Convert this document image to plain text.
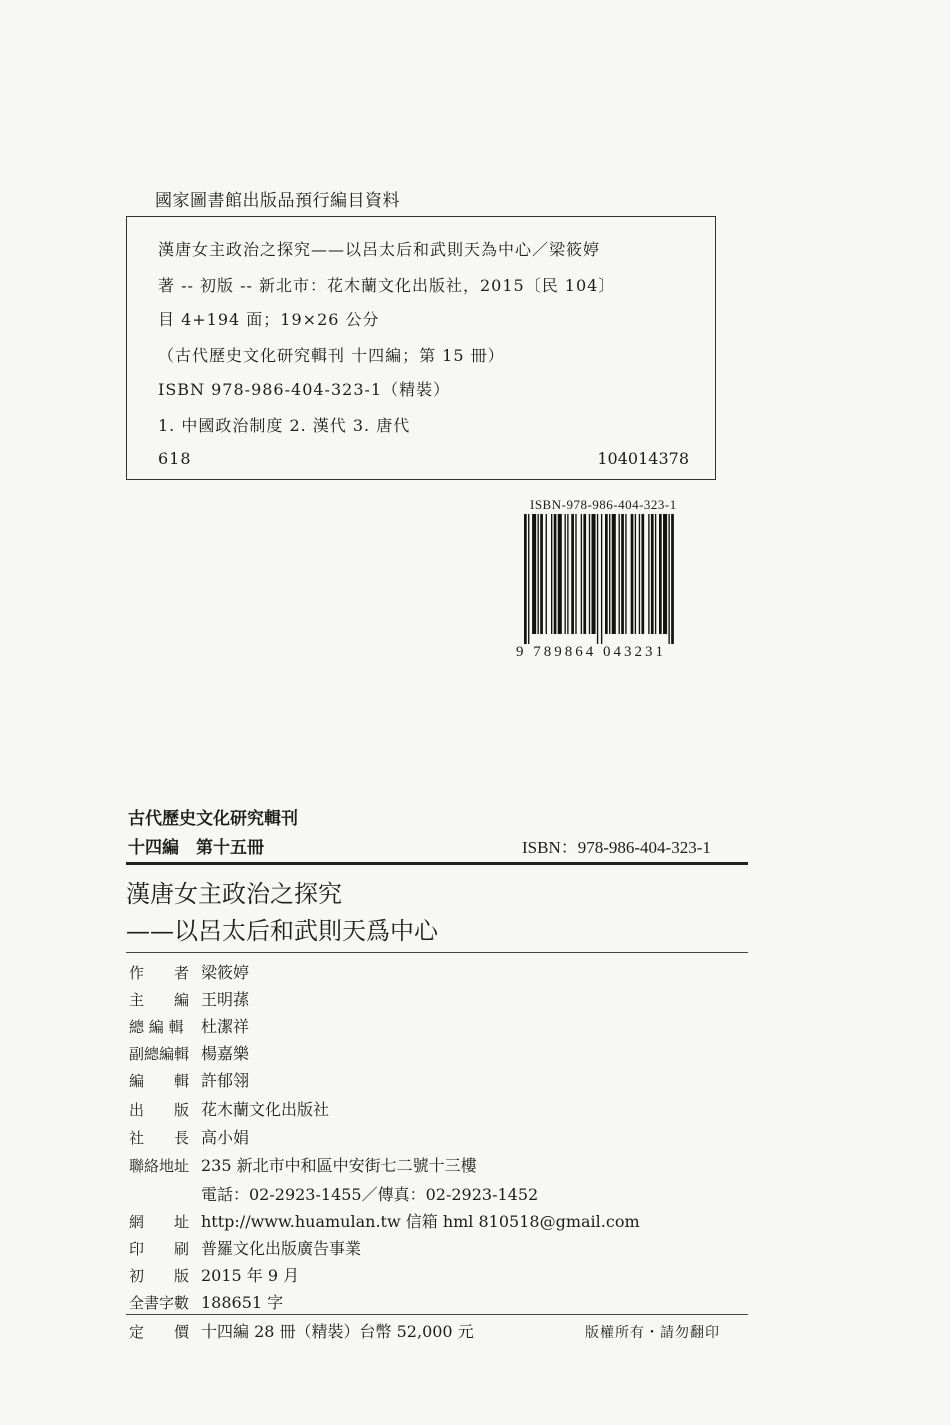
國家圖書館出版品預行編目資料
漢唐女主政治之探究——以呂太后和武則天為中心／梁筱婷
著 -- 初版 -- 新北市：花木蘭文化出版社，2015〔民 104〕
目 4+194 面；19×26 公分
（古代歷史文化研究輯刊 十四編；第 15 冊）
ISBN 978-986-404-323-1（精裝）
1. 中國政治制度 2. 漢代 3. 唐代
618	104014378
ISBN-978-986-404-323-1
9 789864 043231
古代歷史文化研究輯刊
十四編　第十五冊	ISBN：978-986-404-323-1
漢唐女主政治之探究
——以呂太后和武則天爲中心
作　　者 梁筱婷
主　　編 王明蓀
總 編 輯 杜潔祥
副總編輯 楊嘉樂
編　　輯 許郁翎
出　　版 花木蘭文化出版社
社　　長 高小娟
聯絡地址 235 新北市中和區中安街七二號十三樓
電話：02-2923-1455／傳真：02-2923-1452
網　　址 http://www.huamulan.tw 信箱 hml 810518@gmail.com
印　　刷 普羅文化出版廣告事業
初　　版 2015 年 9 月
全書字數 188651 字
定　　價 十四編 28 冊（精裝）台幣 52,000 元	版權所有・請勿翻印
